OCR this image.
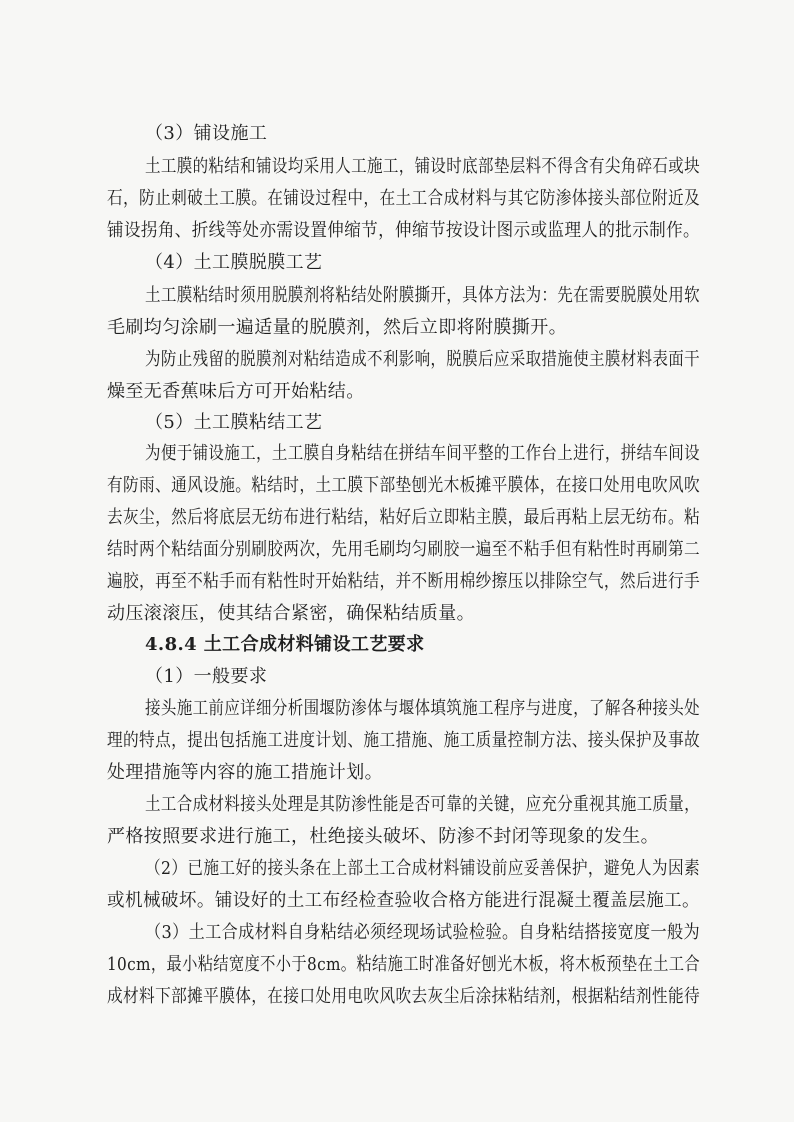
（3）铺设施工
土工膜的粘结和铺设均采用人工施工，铺设时底部垫层料不得含有尖角碎石或块
石，防止刺破土工膜。在铺设过程中，在土工合成材料与其它防渗体接头部位附近及
铺设拐角、折线等处亦需设置伸缩节，伸缩节按设计图示或监理人的批示制作。
（4）土工膜脱膜工艺
土工膜粘结时须用脱膜剂将粘结处附膜撕开，具体方法为：先在需要脱膜处用软
毛刷均匀涂刷一遍适量的脱膜剂，然后立即将附膜撕开。
为防止残留的脱膜剂对粘结造成不利影响，脱膜后应采取措施使主膜材料表面干
燥至无香蕉味后方可开始粘结。
（5）土工膜粘结工艺
为便于铺设施工，土工膜自身粘结在拼结车间平整的工作台上进行，拼结车间设
有防雨、通风设施。粘结时，土工膜下部垫刨光木板摊平膜体，在接口处用电吹风吹
去灰尘，然后将底层无纺布进行粘结，粘好后立即粘主膜，最后再粘上层无纺布。粘
结时两个粘结面分别刷胶两次，先用毛刷均匀刷胶一遍至不粘手但有粘性时再刷第二
遍胶，再至不粘手而有粘性时开始粘结，并不断用棉纱擦压以排除空气，然后进行手
动压滚滚压，使其结合紧密，确保粘结质量。
4.8.4 土工合成材料铺设工艺要求
（1）一般要求
接头施工前应详细分析围堰防渗体与堰体填筑施工程序与进度，了解各种接头处
理的特点，提出包括施工进度计划、施工措施、施工质量控制方法、接头保护及事故
处理措施等内容的施工措施计划。
土工合成材料接头处理是其防渗性能是否可靠的关键，应充分重视其施工质量，
严格按照要求进行施工，杜绝接头破坏、防渗不封闭等现象的发生。
（2）已施工好的接头条在上部土工合成材料铺设前应妥善保护，避免人为因素
或机械破坏。铺设好的土工布经检查验收合格方能进行混凝土覆盖层施工。
（3）土工合成材料自身粘结必须经现场试验检验。自身粘结搭接宽度一般为
10cm，最小粘结宽度不小于8cm。粘结施工时准备好刨光木板，将木板预垫在土工合
成材料下部摊平膜体，在接口处用电吹风吹去灰尘后涂抹粘结剂，根据粘结剂性能待
